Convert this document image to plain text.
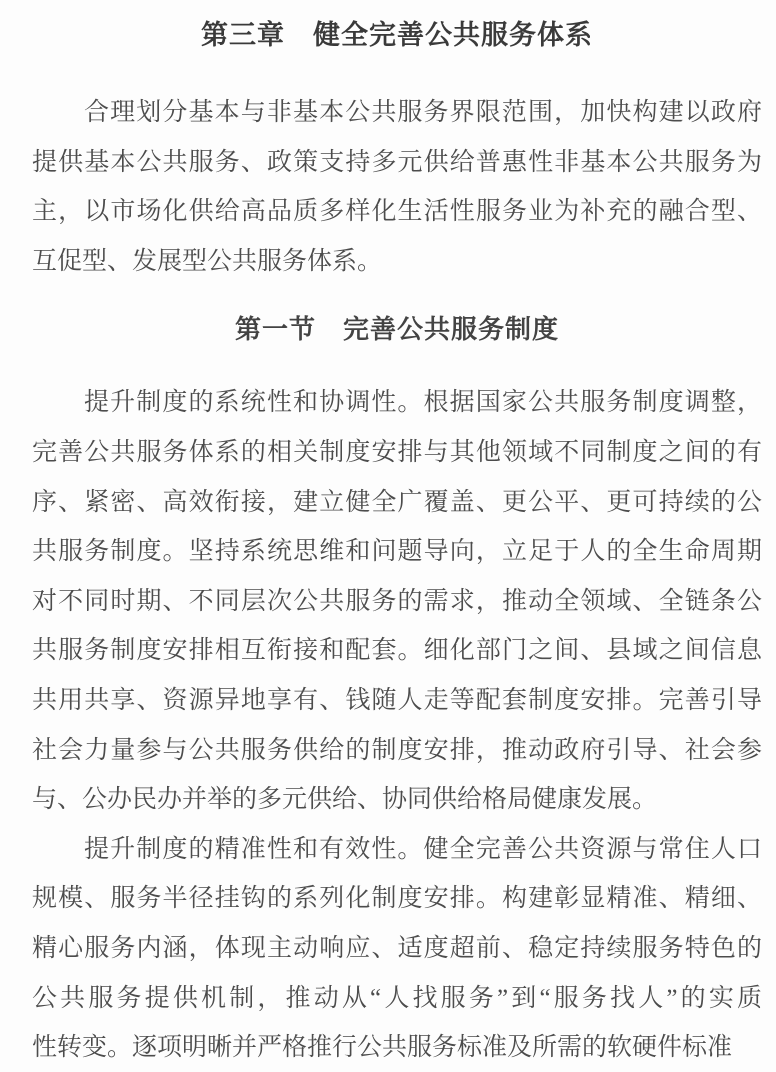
第三章　健全完善公共服务体系
合理划分基本与非基本公共服务界限范围，加快构建以政府
提供基本公共服务、政策支持多元供给普惠性非基本公共服务为
主，以市场化供给高品质多样化生活性服务业为补充的融合型、
互促型、发展型公共服务体系。
第一节　完善公共服务制度
提升制度的系统性和协调性。根据国家公共服务制度调整，
完善公共服务体系的相关制度安排与其他领域不同制度之间的有
序、紧密、高效衔接，建立健全广覆盖、更公平、更可持续的公
共服务制度。坚持系统思维和问题导向，立足于人的全生命周期
对不同时期、不同层次公共服务的需求，推动全领域、全链条公
共服务制度安排相互衔接和配套。细化部门之间、县域之间信息
共用共享、资源异地享有、钱随人走等配套制度安排。完善引导
社会力量参与公共服务供给的制度安排，推动政府引导、社会参
与、公办民办并举的多元供给、协同供给格局健康发展。
提升制度的精准性和有效性。健全完善公共资源与常住人口
规模、服务半径挂钩的系列化制度安排。构建彰显精准、精细、
精心服务内涵，体现主动响应、适度超前、稳定持续服务特色的
公共服务提供机制，推动从“人找服务”到“服务找人”的实质
性转变。逐项明晰并严格推行公共服务标准及所需的软硬件标准
